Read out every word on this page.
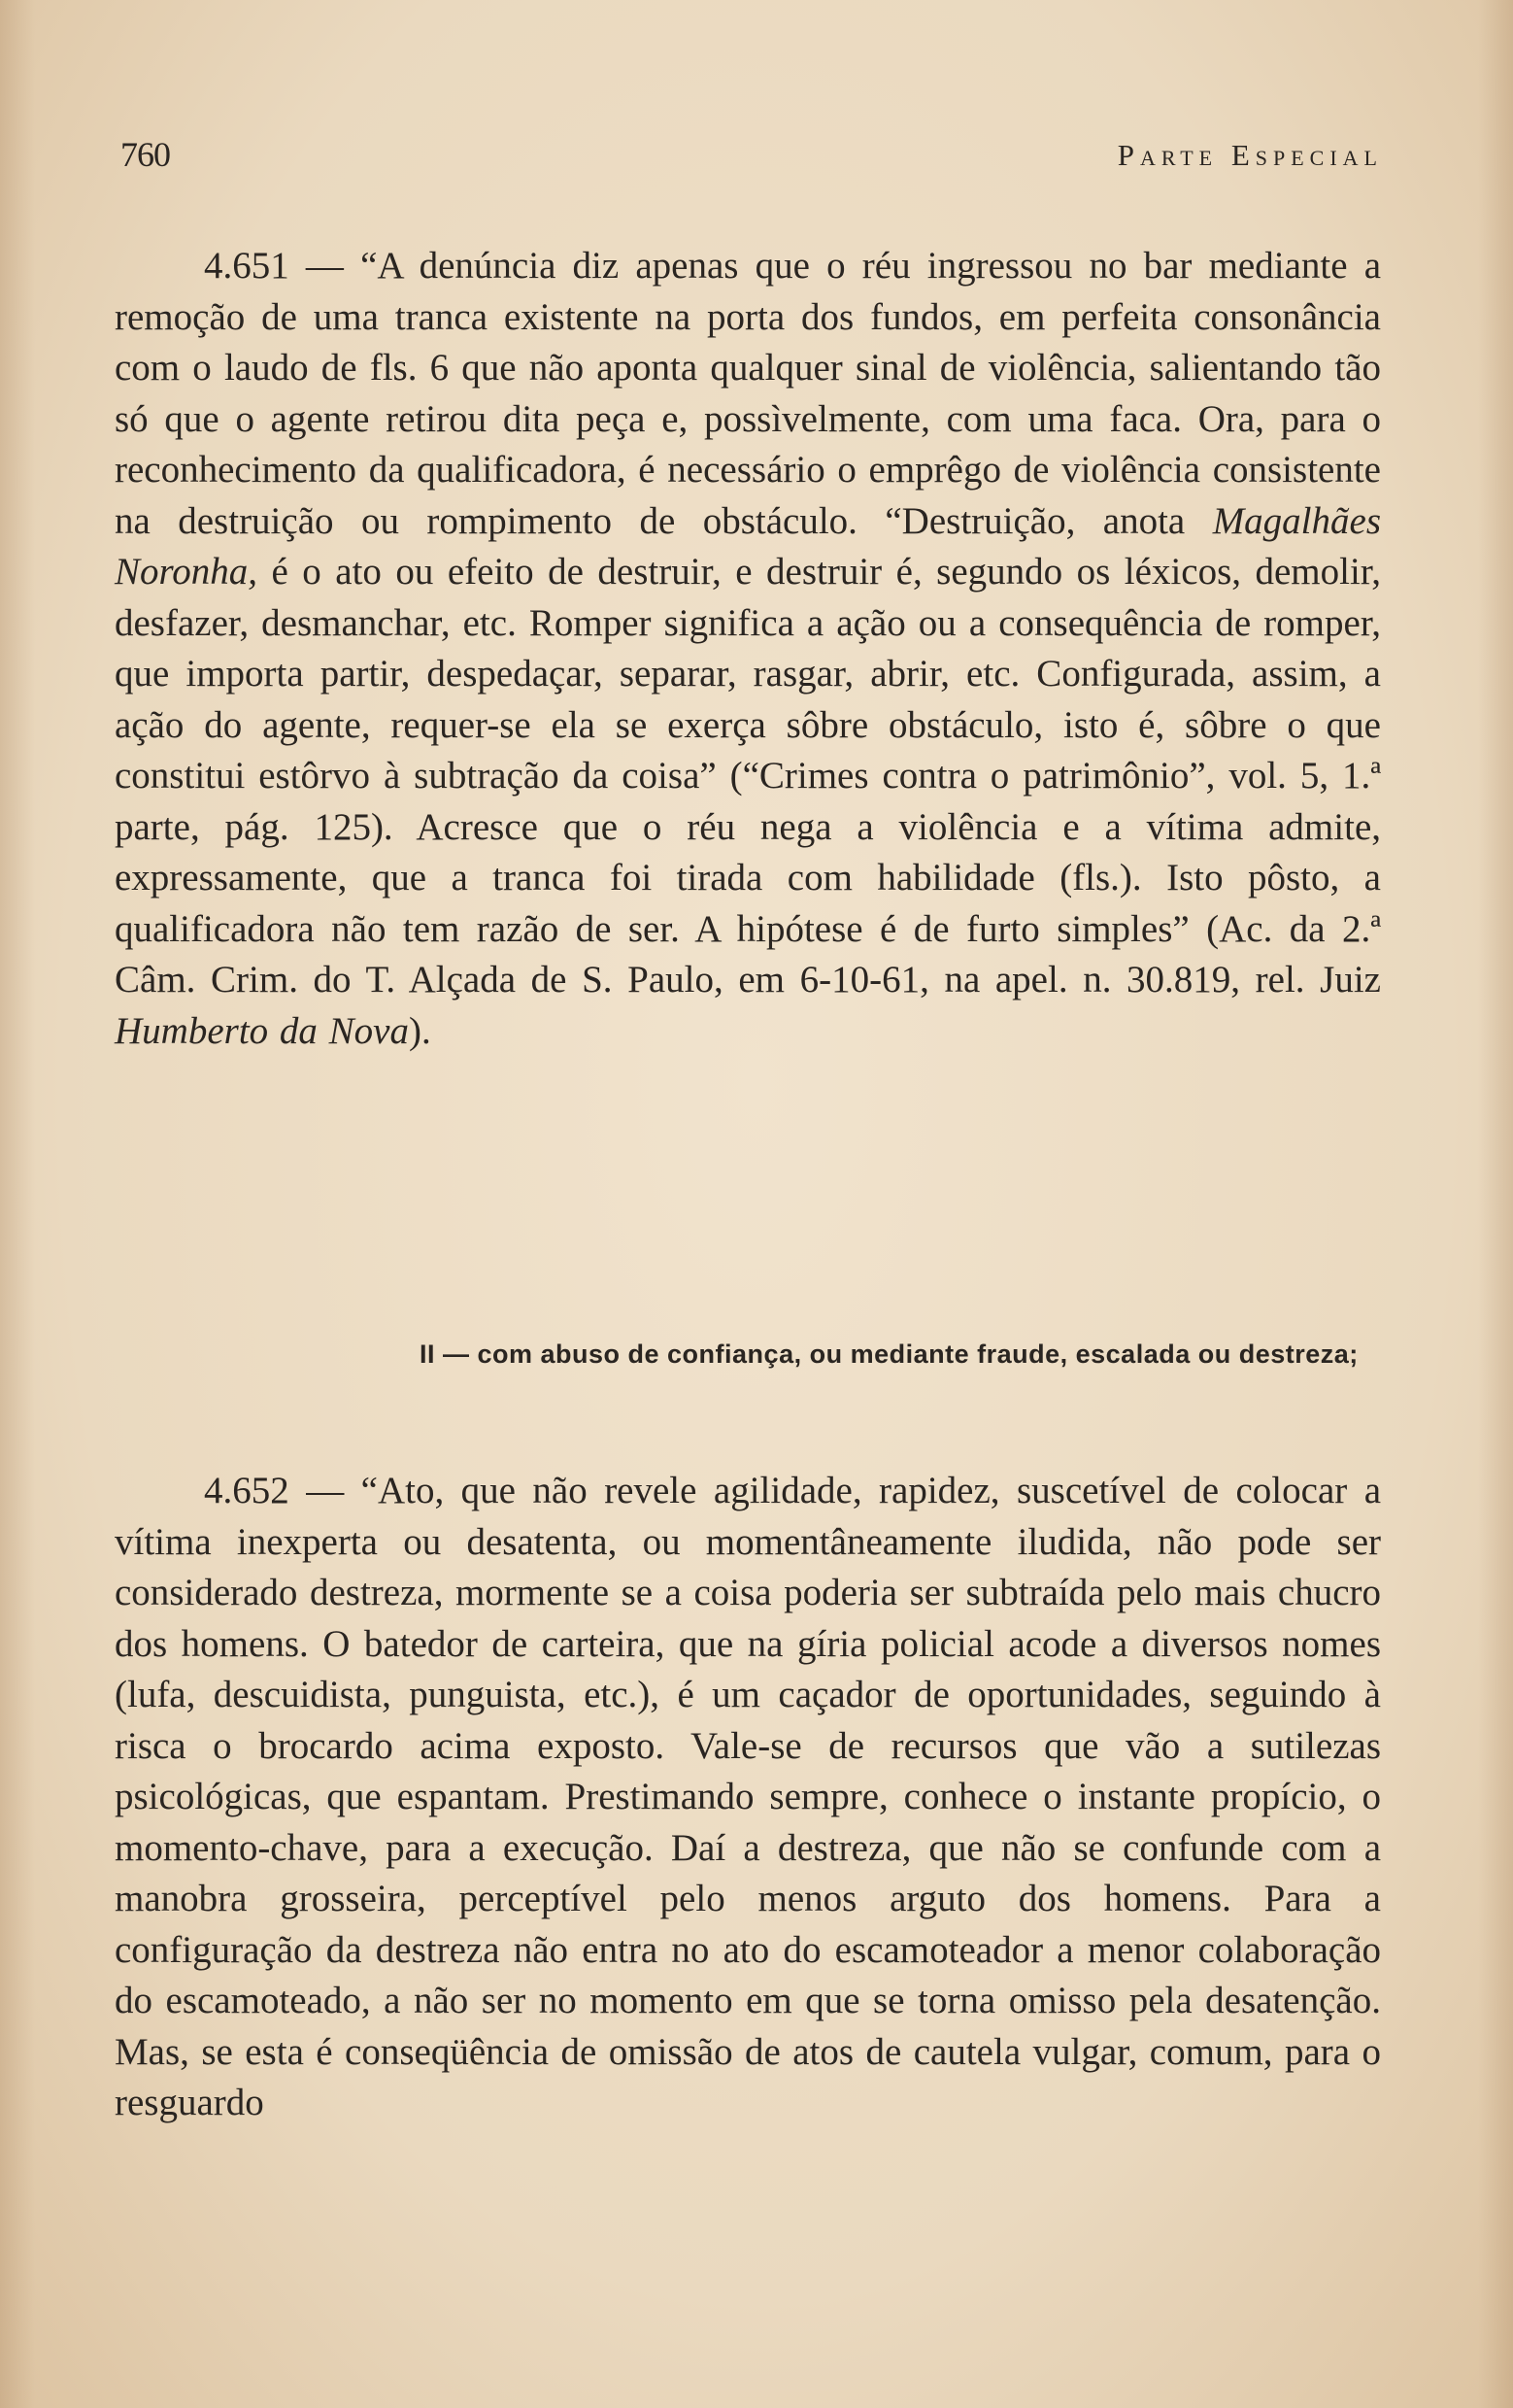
760	Parte Especial
4.651 — “A denúncia diz apenas que o réu ingressou no bar mediante a remoção de uma tranca existente na porta dos fundos, em perfeita consonância com o laudo de fls. 6 que não aponta qualquer sinal de violência, salientando tão só que o agente retirou dita peça e, possìvelmente, com uma faca. Ora, para o reconhecimento da qualificadora, é necessário o emprêgo de violência consistente na destruição ou rompimento de obstáculo. “Destruição, anota Magalhães Noronha, é o ato ou efeito de destruir, e destruir é, segundo os léxicos, demolir, desfazer, desmanchar, etc. Romper significa a ação ou a consequência de romper, que importa partir, despedaçar, separar, rasgar, abrir, etc. Configurada, assim, a ação do agente, requer-se ela se exerça sôbre obstáculo, isto é, sôbre o que constitui estôrvo à subtração da coisa” (“Crimes contra o patrimônio”, vol. 5, 1.ª parte, pág. 125). Acresce que o réu nega a violência e a vítima admite, expressamente, que a tranca foi tirada com habilidade (fls.). Isto pôsto, a qualificadora não tem razão de ser. A hipótese é de furto simples” (Ac. da 2.ª Câm. Crim. do T. Alçada de S. Paulo, em 6-10-61, na apel. n. 30.819, rel. Juiz Humberto da Nova).
II — com abuso de confiança, ou mediante fraude, escalada ou destreza;
4.652 — “Ato, que não revele agilidade, rapidez, suscetível de colocar a vítima inexperta ou desatenta, ou momentâneamente iludida, não pode ser considerado destreza, mormente se a coisa poderia ser subtraída pelo mais chucro dos homens. O batedor de carteira, que na gíria policial acode a diversos nomes (lufa, descuidista, punguista, etc.), é um caçador de oportunidades, seguindo à risca o brocardo acima exposto. Vale-se de recursos que vão a sutilezas psicológicas, que espantam. Prestimando sempre, conhece o instante propício, o momento-chave, para a execução. Daí a destreza, que não se confunde com a manobra grosseira, perceptível pelo menos arguto dos homens. Para a configuração da destreza não entra no ato do escamoteador a menor colaboração do escamoteado, a não ser no momento em que se torna omisso pela desatenção. Mas, se esta é conseqüência de omissão de atos de cautela vulgar, comum, para o resguardo
